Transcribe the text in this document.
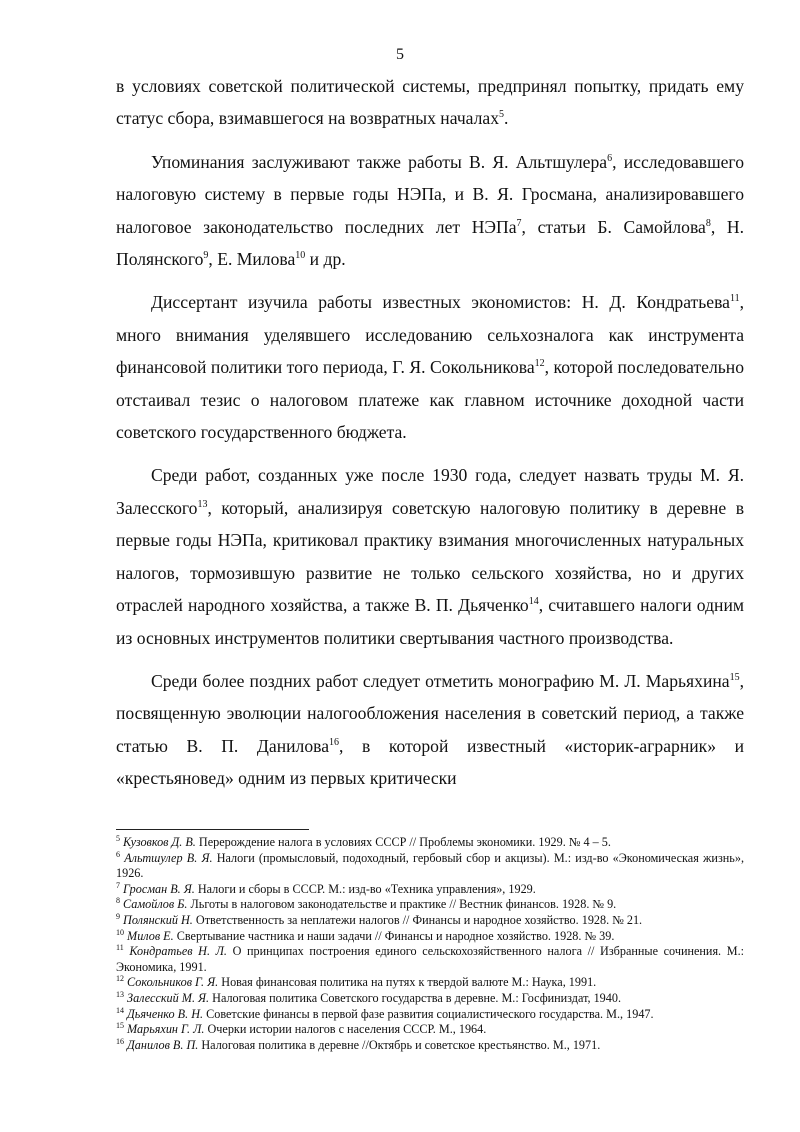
5

в условиях советской политической системы, предпринял попытку, придать ему статус сбора, взимавшегося на возвратных началах$^5$.

Упоминания заслуживают также работы В. Я. Альтшулера$^6$, исследовавшего налоговую систему в первые годы НЭПа, и В. Я. Гросмана, анализировавшего налоговое законодательство последних лет НЭПа$^7$, статьи Б. Самойлова$^8$, Н. Полянского$^9$, Е. Милова$^{10}$ и др.

Диссертант изучила работы известных экономистов: Н. Д. Кондратьева$^{11}$, много внимания уделявшего исследованию сельхозналога как инструмента финансовой политики того периода, Г. Я. Сокольникова$^{12}$, которой последовательно отстаивал тезис о налоговом платеже как главном источнике доходной части советского государственного бюджета.

Среди работ, созданных уже после 1930 года, следует назвать труды М. Я. Залесского$^{13}$, который, анализируя советскую налоговую политику в деревне в первые годы НЭПа, критиковал практику взимания многочисленных натуральных налогов, тормозившую развитие не только сельского хозяйства, но и других отраслей народного хозяйства, а также В. П. Дьяченко$^{14}$, считавшего налоги одним из основных инструментов политики свертывания частного производства.

Среди более поздних работ следует отметить монографию М. Л. Марьяхина$^{15}$, посвященную эволюции налогообложения населения в советский период, а также статью В. П. Данилова$^{16}$, в которой известный «историк-аграрник» и «крестьяновед» одним из первых критически

$^5$ Кузовков Д. В. Перерождение налога в условиях СССР // Проблемы экономики. 1929. № 4 – 5.

$^6$ Альтшулер В. Я. Налоги (промысловый, подоходный, гербовый сбор и акцизы). М.: изд-во «Экономическая жизнь», 1926.

$^7$ Гросман В. Я. Налоги и сборы в СССР. М.: изд-во «Техника управления», 1929.

$^8$ Самойлов Б. Льготы в налоговом законодательстве и практике // Вестник финансов. 1928. № 9.

$^9$ Полянский Н. Ответственность за неплатежи налогов // Финансы и народное хозяйство. 1928. № 21.

$^{10}$ Милов Е. Свертывание частника и наши задачи // Финансы и народное хозяйство. 1928. № 39.

$^{11}$ Кондратьев Н. Л. О принципах построения единого сельскохозяйственного налога // Избранные сочинения. М.: Экономика, 1991.

$^{12}$ Сокольников Г. Я. Новая финансовая политика на путях к твердой валюте М.: Наука, 1991.

$^{13}$ Залесский М. Я. Налоговая политика Советского государства в деревне. М.: Госфиниздат, 1940.

$^{14}$ Дьяченко В. Н. Советские финансы в первой фазе развития социалистического государства. М., 1947.

$^{15}$ Марьяхин Г. Л. Очерки истории налогов с населения СССР. М., 1964.

$^{16}$ Данилов В. П. Налоговая политика в деревне //Октябрь и советское крестьянство. М., 1971.
